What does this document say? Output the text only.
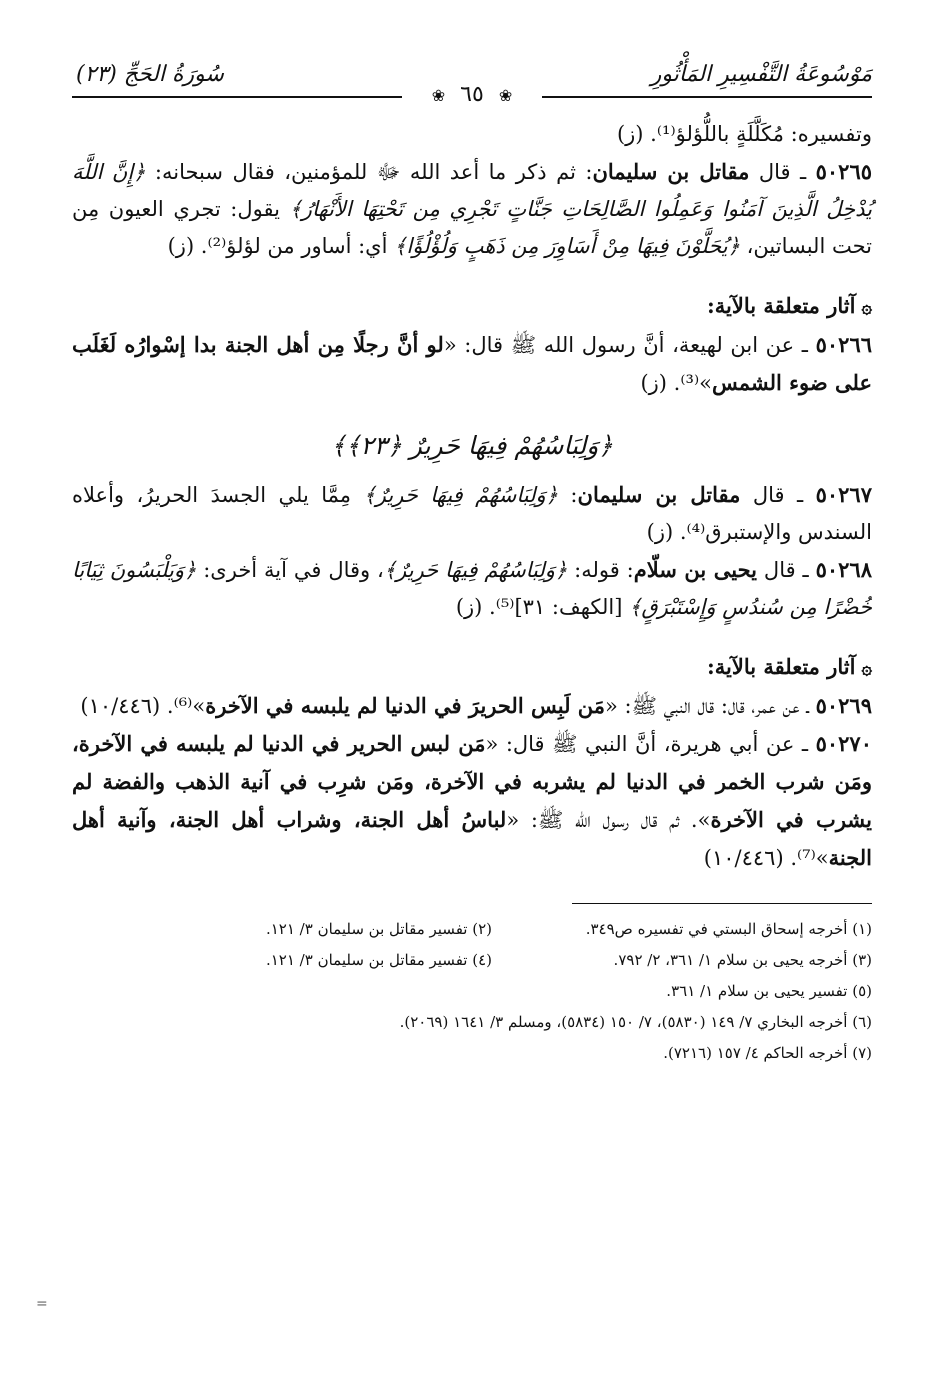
مَوْسُوعَةُ التَّفْسِيرِ المَأْثُورِ
سُورَةُ الحَجِّ (٢٣)
❀ ٦٥ ❀

وتفسيره: مُكَلَّلَةٍ باللُّؤلؤ⁽¹⁾. (ز)

٥٠٢٦٥ ـ قال مقاتل بن سليمان: ثم ذكر ما أعد الله ﷻ للمؤمنين، فقال سبحانه: ﴿إِنَّ اللَّهَ يُدْخِلُ الَّذِينَ آمَنُوا وَعَمِلُوا الصَّالِحَاتِ جَنَّاتٍ تَجْرِي مِن تَحْتِهَا الأَنْهَارُ﴾ يقول: تجري العيون مِن تحت البساتين، ﴿يُحَلَّوْنَ فِيهَا مِنْ أَسَاوِرَ مِن ذَهَبٍ وَلُؤْلُؤًا﴾ أي: أساور من لؤلؤ⁽²⁾. (ز)

۞آثار متعلقة بالآية:

٥٠٢٦٦ ـ عن ابن لهيعة، أنَّ رسول الله ﷺ قال: «لو أنَّ رجلًا مِن أهل الجنة بدا إسْوارُه لَغَلَب على ضوء الشمس»⁽³⁾. (ز)

﴿وَلِبَاسُهُمْ فِيهَا حَرِيرٌ ﴿٢٣﴾﴾

٥٠٢٦٧ ـ قال مقاتل بن سليمان: ﴿وَلِبَاسُهُمْ فِيهَا حَرِيرٌ﴾ مِمَّا يلي الجسدَ الحريرُ، وأعلاه السندس والإستبرق⁽⁴⁾. (ز)

٥٠٢٦٨ ـ قال يحيى بن سلّام: قوله: ﴿وَلِبَاسُهُمْ فِيهَا حَرِيرٌ﴾، وقال في آية أخرى: ﴿وَيَلْبَسُونَ ثِيَابًا خُضْرًا مِن سُندُسٍ وَإِسْتَبْرَقٍ﴾ [الكهف: ٣١]⁽⁵⁾. (ز)

۞آثار متعلقة بالآية:

٥٠٢٦٩ ـ عن عمر، قال: قال النبي ﷺ: «مَن لَبِس الحريرَ في الدنيا لم يلبسه في الآخرة»⁽⁶⁾. (١٠/٤٤٦)

٥٠٢٧٠ ـ عن أبي هريرة، أنَّ النبي ﷺ قال: «مَن لبس الحرير في الدنيا لم يلبسه في الآخرة، ومَن شرب الخمر في الدنيا لم يشربه في الآخرة، ومَن شرِب في آنية الذهب والفضة لم يشرب في الآخرة». ثم قال رسول الله ﷺ: «لباسُ أهل الجنة، وشراب أهل الجنة، وآنية أهل الجنة»⁽⁷⁾. (١٠/٤٤٦)

(١) أخرجه إسحاق البستي في تفسيره ص٣٤٩.
(٢) تفسير مقاتل بن سليمان ٣/ ١٢١.
(٣) أخرجه يحيى بن سلام ١/ ٣٦١، ٢/ ٧٩٢.
(٤) تفسير مقاتل بن سليمان ٣/ ١٢١.
(٥) تفسير يحيى بن سلام ١/ ٣٦١.
(٦) أخرجه البخاري ٧/ ١٤٩ (٥٨٣٠)، ٧/ ١٥٠ (٥٨٣٤)، ومسلم ٣/ ١٦٤١ (٢٠٦٩).
(٧) أخرجه الحاكم ٤/ ١٥٧ (٧٢١٦).
=
